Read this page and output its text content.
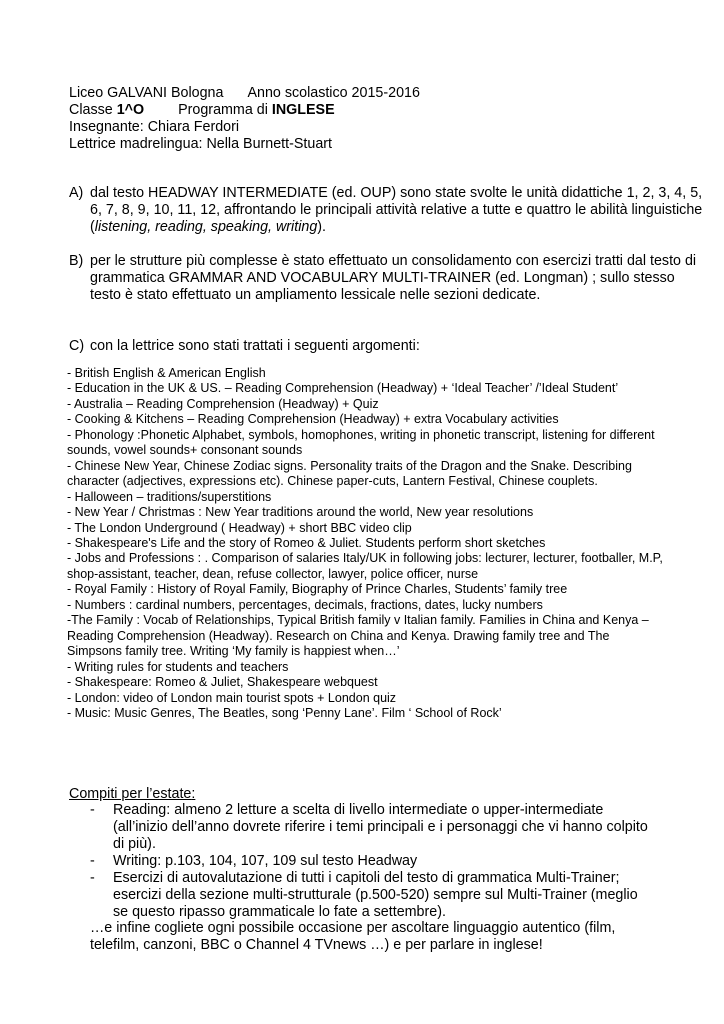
Liceo GALVANI Bologna Anno scolastico 2015-2016
Classe 1^O Programma di INGLESE
Insegnante: Chiara Ferdori
Lettrice madrelingua: Nella Burnett-Stuart
A) dal testo HEADWAY INTERMEDIATE (ed. OUP) sono state svolte le unità didattiche 1, 2, 3, 4, 5, 6, 7, 8, 9, 10, 11, 12, affrontando le principali attività relative a tutte e quattro le abilità linguistiche (listening, reading, speaking, writing).
B) per le strutture più complesse è stato effettuato un consolidamento con esercizi tratti dal testo di grammatica GRAMMAR AND VOCABULARY MULTI-TRAINER (ed. Longman) ; sullo stesso testo è stato effettuato un ampliamento lessicale nelle sezioni dedicate.
C) con la lettrice sono stati trattati i seguenti argomenti:
- British English & American English
- Education in the UK & US. – Reading Comprehension (Headway) + ‘Ideal Teacher’ /’Ideal Student’
- Australia – Reading Comprehension (Headway) + Quiz
- Cooking & Kitchens – Reading Comprehension (Headway) + extra Vocabulary activities
- Phonology :Phonetic Alphabet, symbols, homophones, writing in phonetic transcript, listening for different sounds, vowel sounds+ consonant sounds
- Chinese New Year, Chinese Zodiac signs. Personality traits of the Dragon and the Snake. Describing character (adjectives, expressions etc). Chinese paper-cuts, Lantern Festival, Chinese couplets.
- Halloween – traditions/superstitions
- New Year / Christmas : New Year traditions around the world, New year resolutions
- The London Underground ( Headway) + short BBC video clip
- Shakespeare's Life and the story of Romeo & Juliet. Students perform short sketches
- Jobs and Professions : . Comparison of salaries Italy/UK in following jobs: lecturer, lecturer, footballer, M.P, shop-assistant, teacher, dean, refuse collector, lawyer, police officer, nurse
- Royal Family : History of Royal Family, Biography of Prince Charles, Students’ family tree
- Numbers : cardinal numbers, percentages, decimals, fractions, dates, lucky numbers
-The Family : Vocab of Relationships, Typical British family v Italian family. Families in China and Kenya – Reading Comprehension (Headway). Research on China and Kenya. Drawing family tree and The Simpsons family tree. Writing ‘My family is happiest when…’
- Writing rules for students and teachers
- Shakespeare: Romeo & Juliet, Shakespeare webquest
- London: video of London main tourist spots + London quiz
- Music: Music Genres, The Beatles, song ‘Penny Lane’. Film ‘ School of Rock’
Compiti per l’estate:
- Reading: almeno 2 letture a scelta di livello intermediate o upper-intermediate (all’inizio dell’anno dovrete riferire i temi principali e i personaggi che vi hanno colpito di più).
- Writing: p.103, 104, 107, 109 sul testo Headway
- Esercizi di autovalutazione di tutti i capitoli del testo di grammatica Multi-Trainer; esercizi della sezione multi-strutturale (p.500-520) sempre sul Multi-Trainer (meglio se questo ripasso grammaticale lo fate a settembre).
…e infine cogliete ogni possibile occasione per ascoltare linguaggio autentico (film, telefilm, canzoni, BBC o Channel 4 TVnews …) e per parlare in inglese!
